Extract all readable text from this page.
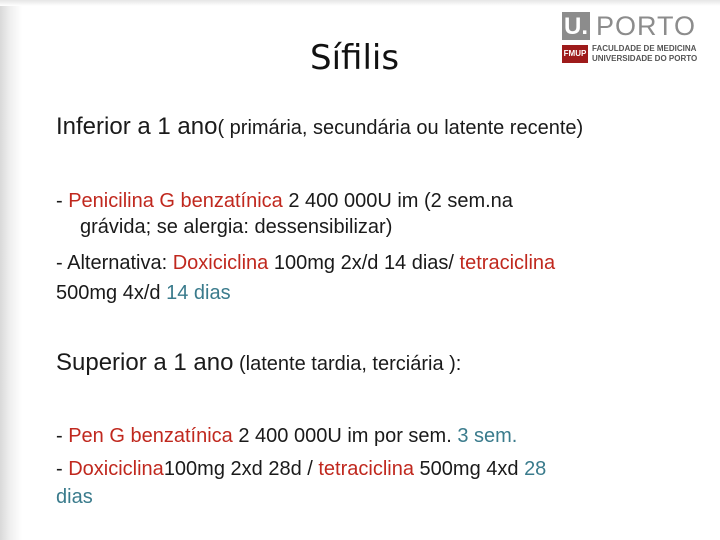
Sífilis
U. PORTO
FMUP
FACULDADE DE MEDICINA
UNIVERSIDADE DO PORTO
Inferior a 1 ano( primária, secundária ou latente recente)
- Penicilina G benzatínica 2 400 000U im (2 sem.na
grávida; se alergia: dessensibilizar)
- Alternativa: Doxiciclina 100mg 2x/d 14 dias/ tetraciclina
500mg 4x/d 14 dias
Superior a 1 ano (latente tardia, terciária ):
- Pen G benzatínica 2 400 000U im por sem. 3 sem.
- Doxiciclina100mg 2xd 28d / tetraciclina 500mg 4xd 28
dias
